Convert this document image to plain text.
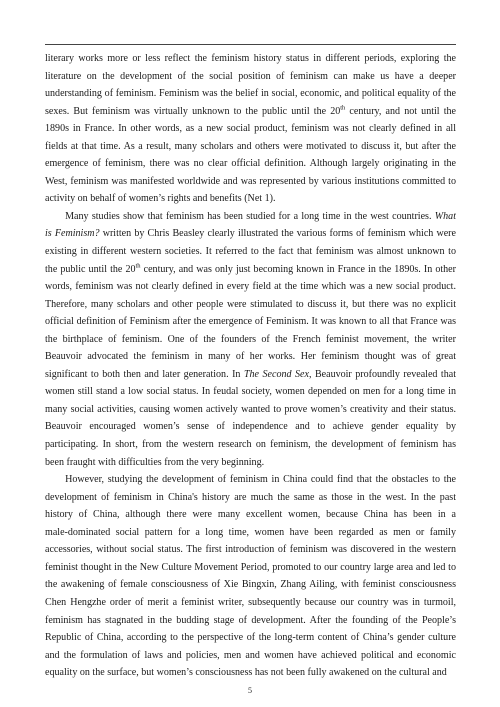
literary works more or less reflect the feminism history status in different periods, exploring the
literature on the development of the social position of feminism can make us have a deeper
understanding of feminism. Feminism was the belief in social, economic, and political equality of the
sexes. But feminism was virtually unknown to the public until the 20th century, and not until the
1890s in France. In other words, as a new social product, feminism was not clearly defined in all
fields at that time. As a result, many scholars and others were motivated to discuss it, but after the
emergence of feminism, there was no clear official definition. Although largely originating in the
West, feminism was manifested worldwide and was represented by various institutions committed to
activity on behalf of women’s rights and benefits (Net 1).

Many studies show that feminism has been studied for a long time in the west countries. What
is Feminism? written by Chris Beasley clearly illustrated the various forms of feminism which were
existing in different western societies. It referred to the fact that feminism was almost unknown to
the public until the 20th century, and was only just becoming known in France in the 1890s. In other
words, feminism was not clearly defined in every field at the time which was a new social product.
Therefore, many scholars and other people were stimulated to discuss it, but there was no explicit
official definition of Feminism after the emergence of Feminism. It was known to all that France was
the birthplace of feminism. One of the founders of the French feminist movement, the writer
Beauvoir advocated the feminism in many of her works. Her feminism thought was of great
significant to both then and later generation. In The Second Sex, Beauvoir profoundly revealed that
women still stand a low social status. In feudal society, women depended on men for a long time in
many social activities, causing women actively wanted to prove women’s creativity and their status.
Beauvoir encouraged women’s sense of independence and to achieve gender equality by
participating. In short, from the western research on feminism, the development of feminism has
been fraught with difficulties from the very beginning.

However, studying the development of feminism in China could find that the obstacles to the
development of feminism in China's history are much the same as those in the west. In the past
history of China, although there were many excellent women, because China has been in a
male-dominated social pattern for a long time, women have been regarded as men or family
accessories, without social status. The first introduction of feminism was discovered in the western
feminist thought in the New Culture Movement Period, promoted to our country large area and led to
the awakening of female consciousness of Xie Bingxin, Zhang Ailing, with feminist consciousness
Chen Hengzhe order of merit a feminist writer, subsequently because our country was in turmoil,
feminism has stagnated in the budding stage of development. After the founding of the People’s
Republic of China, according to the perspective of the long-term content of China’s gender culture
and the formulation of laws and policies, men and women have achieved political and economic
equality on the surface, but women’s consciousness has not been fully awakened on the cultural and

5
